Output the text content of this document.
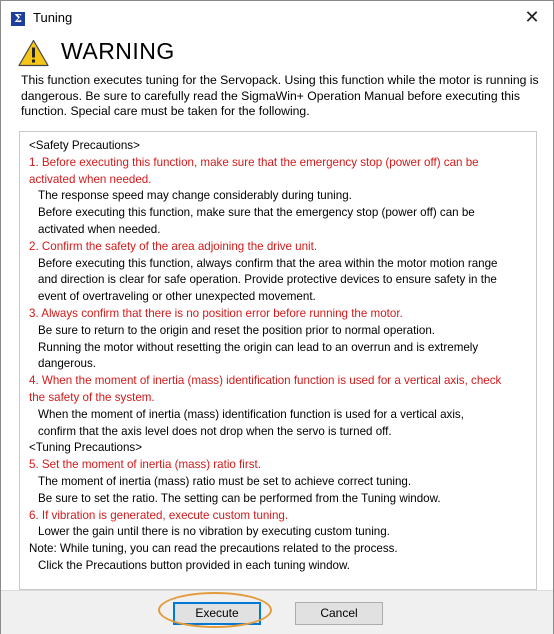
Σ Tuning	✕
WARNING
This function executes tuning for the Servopack. Using this function while the motor is running is
dangerous. Be sure to carefully read the SigmaWin+ Operation Manual before executing this
function. Special care must be taken for the following.
<Safety Precautions>
1. Before executing this function, make sure that the emergency stop (power off) can be
activated when needed.
The response speed may change considerably during tuning.
Before executing this function, make sure that the emergency stop (power off) can be
activated when needed.
2. Confirm the safety of the area adjoining the drive unit.
Before executing this function, always confirm that the area within the motor motion range
and direction is clear for safe operation. Provide protective devices to ensure safety in the
event of overtraveling or other unexpected movement.
3. Always confirm that there is no position error before running the motor.
Be sure to return to the origin and reset the position prior to normal operation.
Running the motor without resetting the origin can lead to an overrun and is extremely
dangerous.
4. When the moment of inertia (mass) identification function is used for a vertical axis, check
the safety of the system.
When the moment of inertia (mass) identification function is used for a vertical axis,
confirm that the axis level does not drop when the servo is turned off.
<Tuning Precautions>
5. Set the moment of inertia (mass) ratio first.
The moment of inertia (mass) ratio must be set to achieve correct tuning.
Be sure to set the ratio. The setting can be performed from the Tuning window.
6. If vibration is generated, execute custom tuning.
Lower the gain until there is no vibration by executing custom tuning.
Note: While tuning, you can read the precautions related to the process.
Click the Precautions button provided in each tuning window.
Execute	Cancel
